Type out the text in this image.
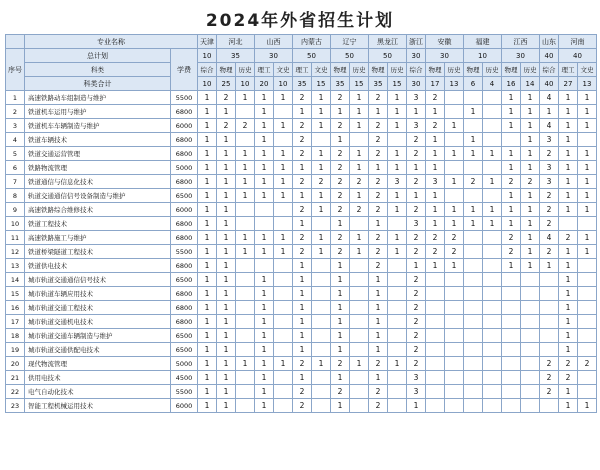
2024年外省招生计划
	专业名称		天津	河北		山西		内蒙古		辽宁		黑龙江		浙江	安徽		福建		江西		山东	河南	
序号	总计划	学费	10	35		30		50		50		50		30	30		10		30		40	40	
	科类		综合	物理	历史	理工	文史	理工	文史	物理	历史	物理	历史	综合	物理	历史	物理	历史	物理	历史	综合	理工	文史
	科类合计		10	25	10	20	10	35	15	35	15	35	15	30	17	13	6	4	16	14	40	27	13
1	高速铁路动车组制造与维护	5500	1	2	1	1	1	2	1	2	1	2	1	3	2				1	1	4	1	1
2	铁道机车运用与维护	6800	1	1		1		1	1	1	1	1	1	1	1		1		1	1	1	1	1
3	铁道机车车辆制造与维护	6000	1	2	2	1	1	2	1	2	1	2	1	3	2	1			1	1	4	1	1
4	铁道车辆技术	6800	1	1		1		2		1		2		2	1		1			1	3	1	
5	铁道交通运营管理	6800	1	1	1	1	1	2	1	2	1	2	1	2	1	1	1	1	1	1	2	1	1
6	铁路物流管理	5000	1	1	1	1	1	1	1	2	1	1	1	1	1				1	1	3	1	1
7	铁道通信与信息化技术	6800	1	1	1	1	1	2	2	2	2	2	3	2	3	1	2	1	2	2	3	1	1
8	轨道交通通信信号设备制造与维护	6500	1	1	1	1	1	1	1	2	1	2	1	1	1				1	1	2	1	1
9	高速铁路综合维修技术	6000	1	1				2	1	2	2	2	1	2	1	1	1	1	1	1	2	1	1
10	铁道工程技术	6800	1	1				1		1		1		3	1	1	1	1	1	1	2		
11	高速铁路施工与维护	6800	1	1	1	1	1	2	1	2	1	2	1	2	2	2			2	1	4	2	1
12	铁道桥梁隧道工程技术	5500	1	1	1	1	1	2	1	2	1	2	1	2	2	2			2	1	2	1	1
13	铁道供电技术	6800	1	1				1		1		2		1	1	1			1	1	1	1	
14	城市轨道交通通信信号技术	6500	1	1		1		1		1		1		2								1	
15	城市轨道车辆应用技术	6800	1	1		1		1		1		1		2								1	
16	城市轨道交通工程技术	6800	1	1		1		1		1		1		2								1	
17	城市轨道交通机电技术	6800	1	1		1		1		1		1		2								1	
18	城市轨道交通车辆制造与维护	6500	1	1		1		1		1		1		2								1	
19	城市轨道交通供配电技术	6500	1	1		1		1		1		1		2								1	
20	现代物流管理	5000	1	1	1	1	1	2	1	2	1	2	1	2							2	2	2
21	供用电技术	4500	1	1		1		1		1		1		3							2	2	
22	电气自动化技术	5500	1	1		1		2		2		2		3							2	1	
23	智能工程机械运用技术	6000	1	1		1		2		1		2		1								1	1
